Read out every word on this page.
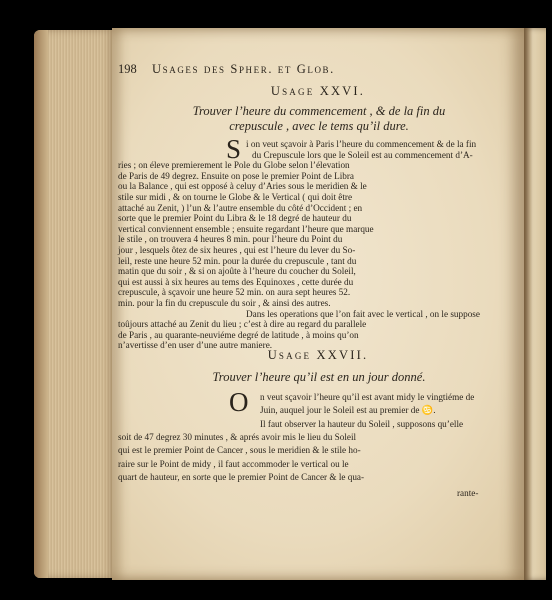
198 Usages des Spher. et Glob.
Usage XXVI.
Trouver l’heure du commencement , & de la fin du
crepuscule , avec le tems qu’il dure.
S i on veut sçavoir à Paris l’heure du commencement & de la fin
du Crepuscule lors que le Soleil est au commencement d’A-
ries ; on éleve premierement le Pole du Globe selon l’élevation
de Paris de 49 degrez. Ensuite on pose le premier Point de Libra
ou la Balance , qui est opposé à celuy d’Aries sous le meridien & le
stile sur midi , & on tourne le Globe & le Vertical ( qui doit être
attaché au Zenit, ) l’un & l’autre ensemble du côté d’Occident ; en
sorte que le premier Point du Libra & le 18 degré de hauteur du
vertical conviennent ensemble ; ensuite regardant l’heure que marque
le stile , on trouvera 4 heures 8 min. pour l’heure du Point du
jour , lesquels ôtez de six heures , qui est l’heure du lever du So-
leil, reste une heure 52 min. pour la durée du crepuscule , tant du
matin que du soir , & si on ajoûte à l’heure du coucher du Soleil,
qui est aussi à six heures au tems des Equinoxes , cette durée du
crepuscule, à sçavoir une heure 52 min. on aura sept heures 52.
min. pour la fin du crepuscule du soir , & ainsi des autres.
Dans les operations que l’on fait avec le vertical , on le suppose
toûjours attaché au Zenit du lieu ; c’est à dire au regard du parallele
de Paris , au quarante-neuviéme degré de latitude , à moins qu’on
n’avertisse d’en user d’une autre maniere.
Usage XXVII.
Trouver l’heure qu’il est en un jour donné.
O n veut sçavoir l’heure qu’il est avant midy le vingtiéme de
Juin, auquel jour le Soleil est au premier de ♋.
Il faut observer la hauteur du Soleil , supposons qu’elle
soit de 47 degrez 30 minutes , & aprés avoir mis le lieu du Soleil
qui est le premier Point de Cancer , sous le meridien & le stile ho-
raire sur le Point de midy , il faut accommoder le vertical ou le
quart de hauteur, en sorte que le premier Point de Cancer & le qua-
rante-
